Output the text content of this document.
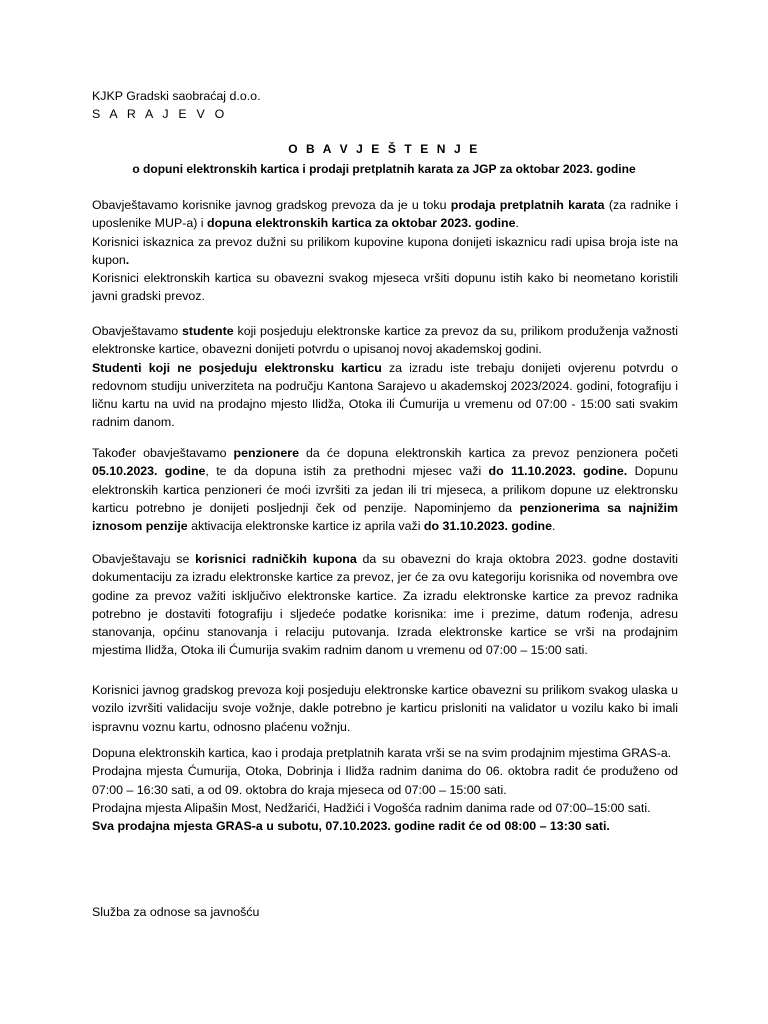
KJKP Gradski saobraćaj d.o.o.
S A R A J E V O
O B A V J E Š T E N J E
o dopuni elektronskih kartica i prodaji pretplatnih karata za JGP za oktobar 2023. godine

Obavještavamo korisnike javnog gradskog prevoza da je u toku prodaja pretplatnih karata (za radnike i uposlenike MUP-a) i dopuna elektronskih kartica za oktobar 2023. godine.

Korisnici iskaznica za prevoz dužni su prilikom kupovine kupona donijeti iskaznicu radi upisa broja iste na kupon.

Korisnici elektronskih kartica su obavezni svakog mjeseca vršiti dopunu istih kako bi neometano koristili javni gradski prevoz.

Obavještavamo studente koji posjeduju elektronske kartice za prevoz da su, prilikom produženja važnosti elektronske kartice, obavezni donijeti potvrdu o upisanoj novoj akademskoj godini.

Studenti koji ne posjeduju elektronsku karticu za izradu iste trebaju donijeti ovjerenu potvrdu o redovnom studiju univerziteta na području Kantona Sarajevo u akademskoj 2023/2024. godini, fotografiju i ličnu kartu na uvid na prodajno mjesto Ilidža, Otoka ili Ćumurija u vremenu od 07:00 - 15:00 sati svakim radnim danom.

Također obavještavamo penzionere da će dopuna elektronskih kartica za prevoz penzionera početi 05.10.2023. godine, te da dopuna istih za prethodni mjesec važi do 11.10.2023. godine. Dopunu elektronskih kartica penzioneri će moći izvršiti za jedan ili tri mjeseca, a prilikom dopune uz elektronsku karticu potrebno je donijeti posljednji ček od penzije. Napominjemo da penzionerima sa najnižim iznosom penzije aktivacija elektronske kartice iz aprila važi do 31.10.2023. godine.

Obavještavaju se korisnici radničkih kupona da su obavezni do kraja oktobra 2023. godne dostaviti dokumentaciju za izradu elektronske kartice za prevoz, jer će za ovu kategoriju korisnika od novembra ove godine za prevoz važiti isključivo elektronske kartice. Za izradu elektronske kartice za prevoz radnika potrebno je dostaviti fotografiju i sljedeće podatke korisnika: ime i prezime, datum rođenja, adresu stanovanja, općinu stanovanja i relaciju putovanja. Izrada elektronske kartice se vrši na prodajnim mjestima Ilidža, Otoka ili Ćumurija svakim radnim danom u vremenu od 07:00 – 15:00 sati.

Korisnici javnog gradskog prevoza koji posjeduju elektronske kartice obavezni su prilikom svakog ulaska u vozilo izvršiti validaciju svoje vožnje, dakle potrebno je karticu prisloniti na validator u vozilu kako bi imali ispravnu voznu kartu, odnosno plaćenu vožnju.

Dopuna elektronskih kartica, kao i prodaja pretplatnih karata vrši se na svim prodajnim mjestima GRAS-a.

Prodajna mjesta Ćumurija, Otoka, Dobrinja i Ilidža radnim danima do 06. oktobra radit će produženo od 07:00 – 16:30 sati, a od 09. oktobra do kraja mjeseca od 07:00 – 15:00 sati.

Prodajna mjesta Alipašin Most, Nedžarići, Hadžići i Vogošća radnim danima rade od 07:00–15:00 sati.

Sva prodajna mjesta GRAS-a u subotu, 07.10.2023. godine radit će od 08:00 – 13:30 sati.

Služba za odnose sa javnošću
